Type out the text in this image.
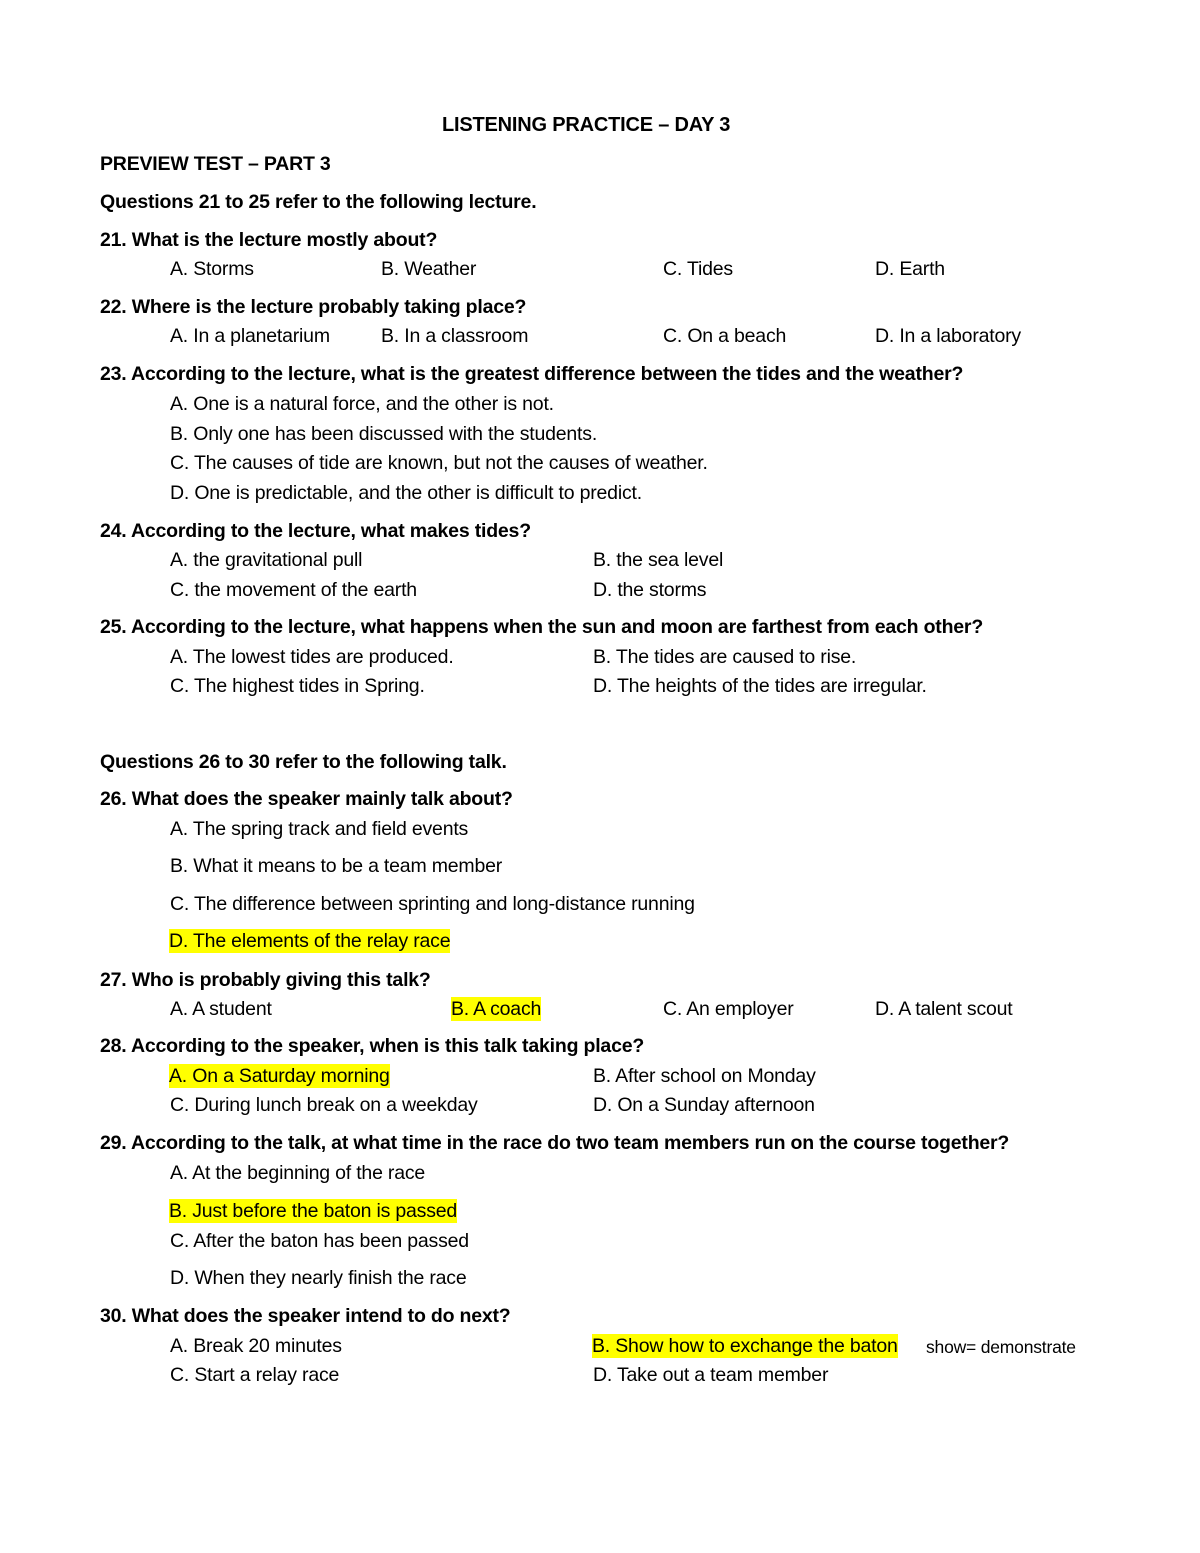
LISTENING PRACTICE – DAY 3
PREVIEW TEST – PART 3
Questions 21 to 25 refer to the following lecture.
21. What is the lecture mostly about?
A. Storms	B. Weather	C. Tides	D. Earth
22. Where is the lecture probably taking place?
A. In a planetarium	B. In a classroom	C. On a beach	D. In a laboratory
23. According to the lecture, what is the greatest difference between the tides and the weather?
A. One is a natural force, and the other is not.
B. Only one has been discussed with the students.
C. The causes of tide are known, but not the causes of weather.
D. One is predictable, and the other is difficult to predict.
24. According to the lecture, what makes tides?
A. the gravitational pull	B. the sea level
C. the movement of the earth	D. the storms
25. According to the lecture, what happens when the sun and moon are farthest from each other?
A. The lowest tides are produced.	B. The tides are caused to rise.
C. The highest tides in Spring.	D. The heights of the tides are irregular.
Questions 26 to 30 refer to the following talk.
26. What does the speaker mainly talk about?
A. The spring track and field events
B. What it means to be a team member
C. The difference between sprinting and long-distance running
D. The elements of the relay race
27. Who is probably giving this talk?
A. A student	B. A coach	C. An employer	D. A talent scout
28. According to the speaker, when is this talk taking place?
A. On a Saturday morning	B. After school on Monday
C. During lunch break on a weekday	D. On a Sunday afternoon
29. According to the talk, at what time in the race do two team members run on the course together?
A. At the beginning of the race
B. Just before the baton is passed
C. After the baton has been passed
D. When they nearly finish the race
30. What does the speaker intend to do next?
A. Break 20 minutes	B. Show how to exchange the baton show= demonstrate
C. Start a relay race	D. Take out a team member
